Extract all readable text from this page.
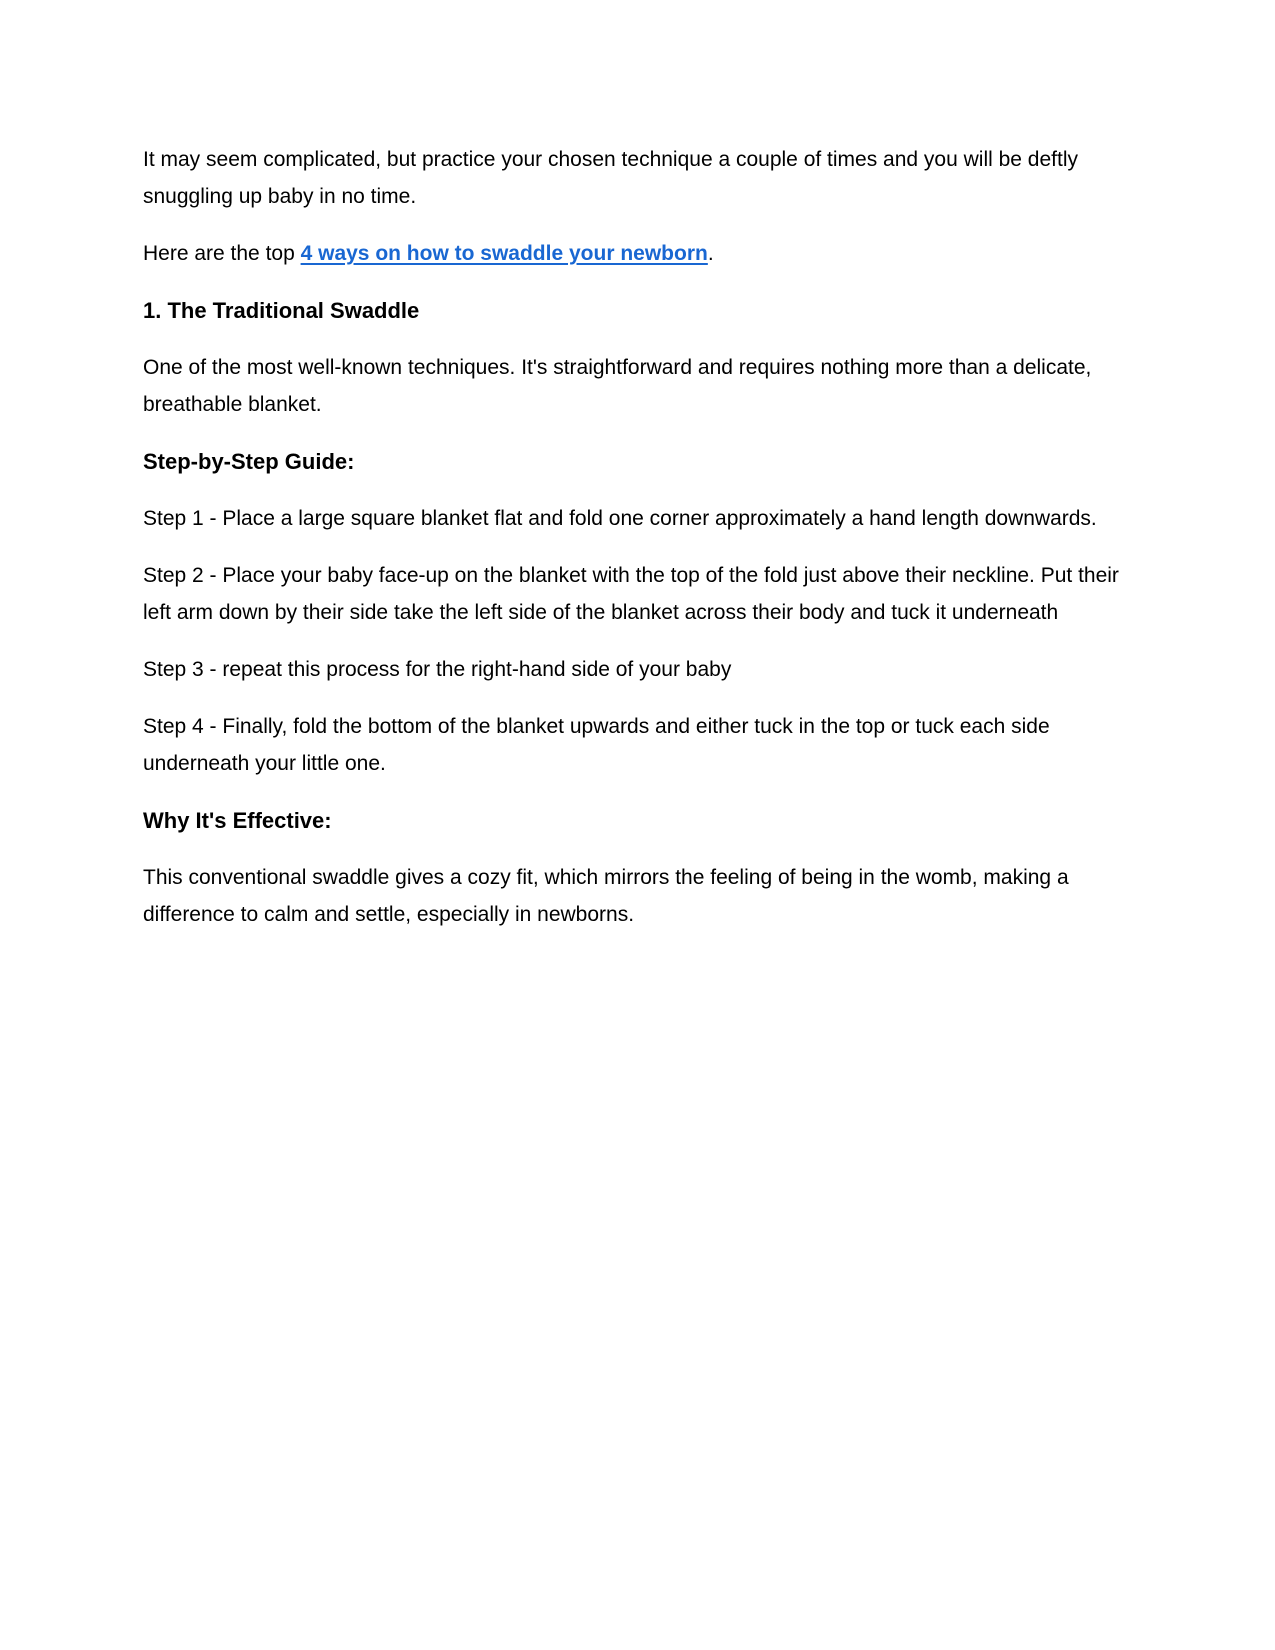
It may seem complicated, but practice your chosen technique a couple of times and you will be deftly snuggling up baby in no time.

Here are the top 4 ways on how to swaddle your newborn.

1. The Traditional Swaddle

One of the most well-known techniques. It's straightforward and requires nothing more than a delicate, breathable blanket.

Step-by-Step Guide:

Step 1 - Place a large square blanket flat and fold one corner approximately a hand length downwards.

Step 2 - Place your baby face-up on the blanket with the top of the fold just above their neckline. Put their left arm down by their side take the left side of the blanket across their body and tuck it underneath

Step 3 - repeat this process for the right-hand side of your baby

Step 4 - Finally, fold the bottom of the blanket upwards and either tuck in the top or tuck each side underneath your little one.

Why It's Effective:

This conventional swaddle gives a cozy fit, which mirrors the feeling of being in the womb, making a difference to calm and settle, especially in newborns.
